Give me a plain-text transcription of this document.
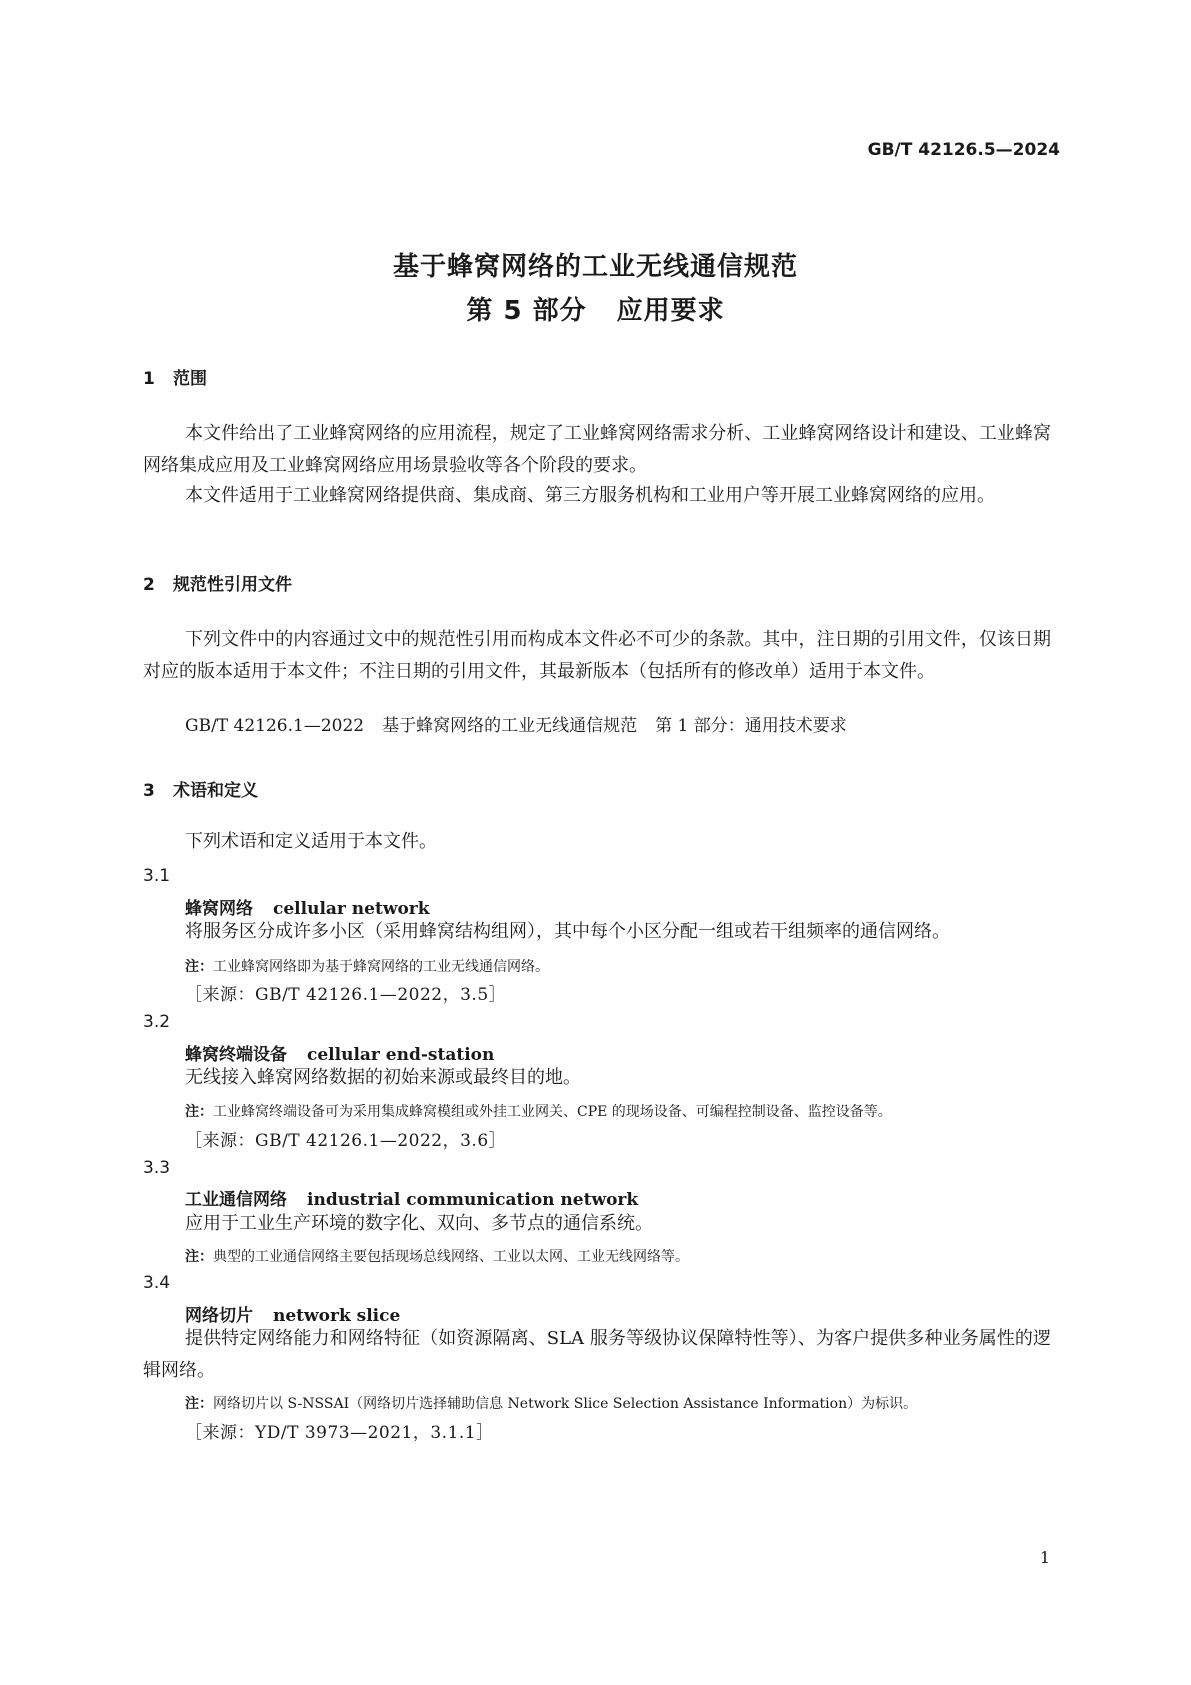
GB/T 42126.5—2024
基于蜂窝网络的工业无线通信规范
第 5 部分 应用要求
1 范围
本文件给出了工业蜂窝网络的应用流程，规定了工业蜂窝网络需求分析、工业蜂窝网络设计和建设、工业蜂窝网络集成应用及工业蜂窝网络应用场景验收等各个阶段的要求。
本文件适用于工业蜂窝网络提供商、集成商、第三方服务机构和工业用户等开展工业蜂窝网络的应用。
2 规范性引用文件
下列文件中的内容通过文中的规范性引用而构成本文件必不可少的条款。其中，注日期的引用文件，仅该日期对应的版本适用于本文件；不注日期的引用文件，其最新版本（包括所有的修改单）适用于本文件。
GB/T 42126.1—2022 基于蜂窝网络的工业无线通信规范 第 1 部分：通用技术要求
3 术语和定义
下列术语和定义适用于本文件。
3.1
蜂窝网络 cellular network
将服务区分成许多小区（采用蜂窝结构组网），其中每个小区分配一组或若干组频率的通信网络。
注：工业蜂窝网络即为基于蜂窝网络的工业无线通信网络。
［来源：GB/T 42126.1—2022，3.5］
3.2
蜂窝终端设备 cellular end-station
无线接入蜂窝网络数据的初始来源或最终目的地。
注：工业蜂窝终端设备可为采用集成蜂窝模组或外挂工业网关、CPE 的现场设备、可编程控制设备、监控设备等。
［来源：GB/T 42126.1—2022，3.6］
3.3
工业通信网络 industrial communication network
应用于工业生产环境的数字化、双向、多节点的通信系统。
注：典型的工业通信网络主要包括现场总线网络、工业以太网、工业无线网络等。
3.4
网络切片 network slice
提供特定网络能力和网络特征（如资源隔离、SLA 服务等级协议保障特性等）、为客户提供多种业务属性的逻辑网络。
注：网络切片以 S-NSSAI（网络切片选择辅助信息 Network Slice Selection Assistance Information）为标识。
［来源：YD/T 3973—2021，3.1.1］
1
